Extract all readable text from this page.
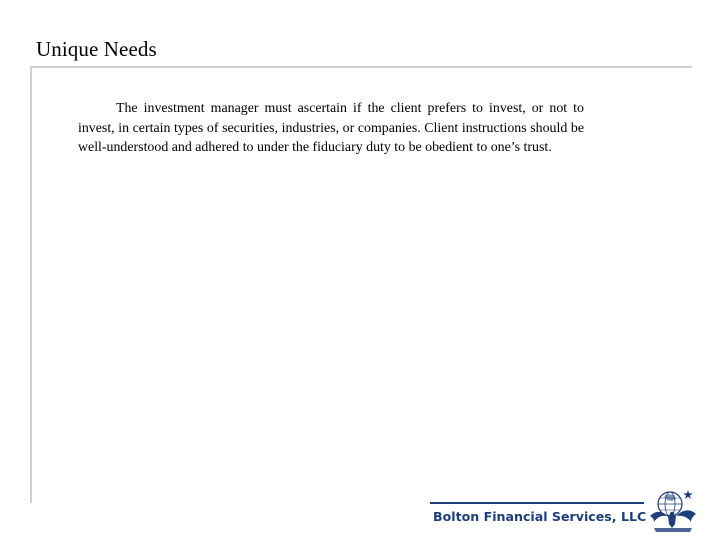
Unique Needs

The investment manager must ascertain if the client prefers to invest, or not to invest, in certain types of securities, industries, or companies. Client instructions should be well-understood and adhered to under the fiduciary duty to be obedient to one’s trust.

Bolton Financial Services, LLC
